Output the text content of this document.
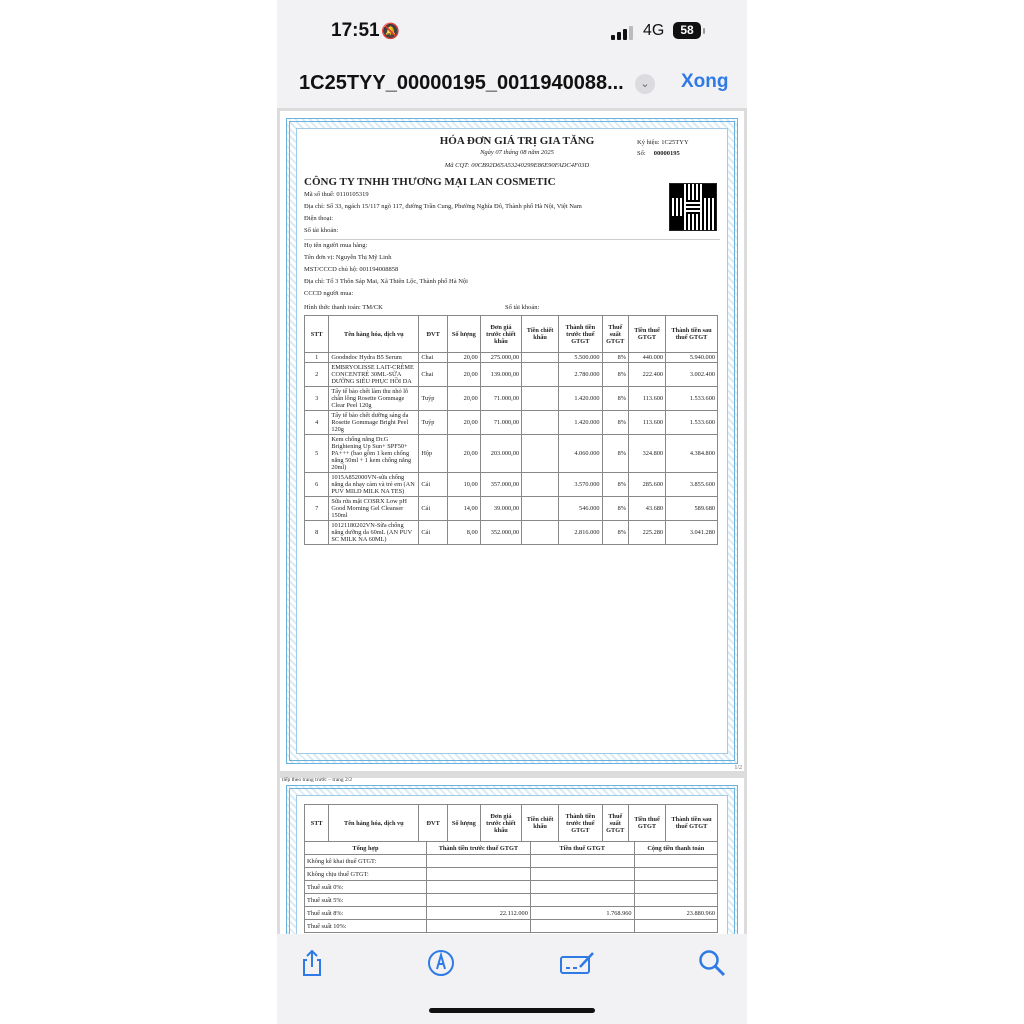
17:51 🔕	4G	58
1C25TYY_00000195_0011940088...	⌄ Xong
HÓA ĐƠN GIÁ TRỊ GIA TĂNG
Ngày 07 tháng 08 năm 2025
Mã CQT: 00CB92D65A53240299E86E90FADC4F03D
Ký hiệu: 1C25TYY
Số: 00000195
CÔNG TY TNHH THƯƠNG MẠI LAN COSMETIC
Mã số thuế: 0110105319
Địa chỉ: Số 33, ngách 15/117 ngõ 117, đường Trần Cung, Phường Nghĩa Đô, Thành phố Hà Nội, Việt Nam
Điện thoại:
Số tài khoản:
Họ tên người mua hàng:
Tên đơn vị: Nguyễn Thị Mỹ Linh
MST/CCCD chủ hộ: 001194008858
Địa chỉ: Tổ 3 Thôn Sáp Mai, Xã Thiên Lộc, Thành phố Hà Nội
CCCD người mua:
Hình thức thanh toán: TM/CK	Số tài khoản:
STT	Tên hàng hóa, dịch vụ	ĐVT	Số lượng	Đơn giá trước chiết khấu	Tiền chiết khấu	Thành tiền trước thuế GTGT	Thuế suất GTGT	Tiền thuế GTGT	Thành tiền sau thuế GTGT
1	Goodndoc Hydra B5 Serum	Chai	20,00	275.000,00		5.500.000	8%	440.000	5.940.000
2	EMBRYOLISSE LAIT-CRÈME CONCENTRÉ 30ML-SỮA DƯỠNG SIÊU PHỤC HỒI DA	Chai	20,00	139.000,00		2.780.000	8%	222.400	3.002.400
3	Tẩy tế bào chết làm thu nhỏ lỗ chân lông Rosette Gommage Clear Peel 120g	Tuýp	20,00	71.000,00		1.420.000	8%	113.600	1.533.600
4	Tẩy tế bào chết dưỡng sáng da Rosette Gommage Bright Peel 120g	Tuýp	20,00	71.000,00		1.420.000	8%	113.600	1.533.600
5	Kem chống nắng Dr.G Brightening Up Sun+ SPF50+ PA+++ (bao gồm 1 kem chống nắng 50ml + 1 kem chống nắng 20ml)	Hộp	20,00	203.000,00		4.060.000	8%	324.800	4.384.800
6	1015A852000VN-sữa chống nắng da nhạy cảm và trẻ em (AN PUV MILD MILK NA TES)	Cái	10,00	357.000,00		3.570.000	8%	285.600	3.855.600
7	Sữa rửa mặt COSRX Low pH Good Morning Gel Cleanser 150ml	Cái	14,00	39.000,00		546.000	8%	43.680	589.680
8	10121180202VN-Sữa chống nắng dưỡng da 60mL (AN PUV SC MILK NA 60ML)	Cái	8,00	352.000,00		2.816.000	8%	225.280	3.041.280
1/2
tiếp theo trang trước – trang 2/2
STT	Tên hàng hóa, dịch vụ	ĐVT	Số lượng	Đơn giá trước chiết khấu	Tiền chiết khấu	Thành tiền trước thuế GTGT	Thuế suất GTGT	Tiền thuế GTGT	Thành tiền sau thuế GTGT
Tổng hợp	Thành tiền trước thuế GTGT	Tiền thuế GTGT	Cộng tiền thanh toán
Không kê khai thuế GTGT:			
Không chịu thuế GTGT:			
Thuế suất 0%:			
Thuế suất 5%:			
Thuế suất 8%:	22.112.000	1.768.960	23.880.960
Thuế suất 10%:			
